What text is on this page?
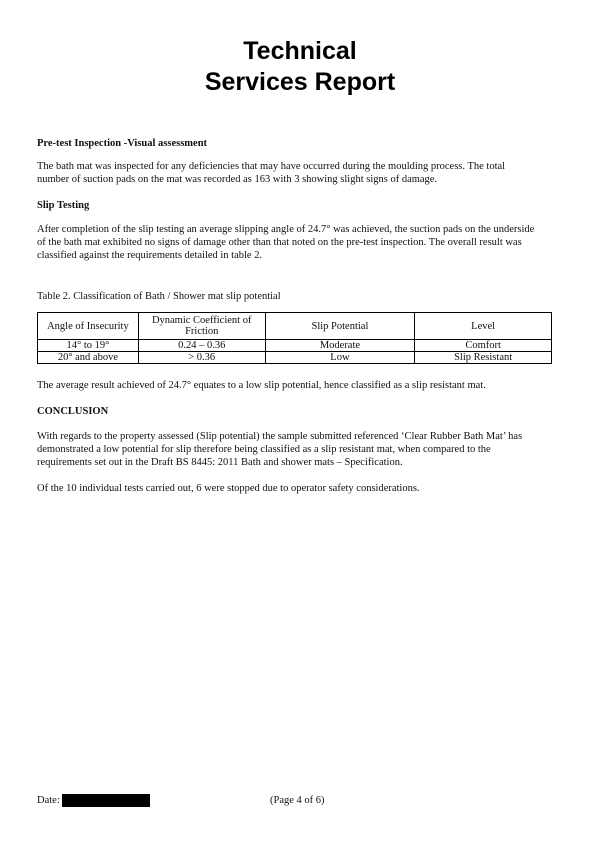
Technical
Services Report
Pre-test Inspection -Visual assessment
The bath mat was inspected for any deficiencies that may have occurred during the moulding process. The total
number of suction pads on the mat was recorded as 163 with 3 showing slight signs of damage.
Slip Testing
After completion of the slip testing an average slipping angle of 24.7° was achieved, the suction pads on the underside
of the bath mat exhibited no signs of damage other than that noted on the pre-test inspection. The overall result was
classified against the requirements detailed in table 2.
Table 2. Classification of Bath / Shower mat slip potential
Angle of Insecurity	Dynamic Coefficient of Friction	Slip Potential	Level
14° to 19°	0.24 – 0.36	Moderate	Comfort
20° and above	> 0.36	Low	Slip Resistant
The average result achieved of 24.7° equates to a low slip potential, hence classified as a slip resistant mat.
CONCLUSION
With regards to the property assessed (Slip potential) the sample submitted referenced ‘Clear Rubber Bath Mat’ has
demonstrated a low potential for slip therefore being classified as a slip resistant mat, when compared to the
requirements set out in the Draft BS 8445: 2011 Bath and shower mats – Specification.
Of the 10 individual tests carried out, 6 were stopped due to operator safety considerations.
Date:	(Page 4 of 6)
